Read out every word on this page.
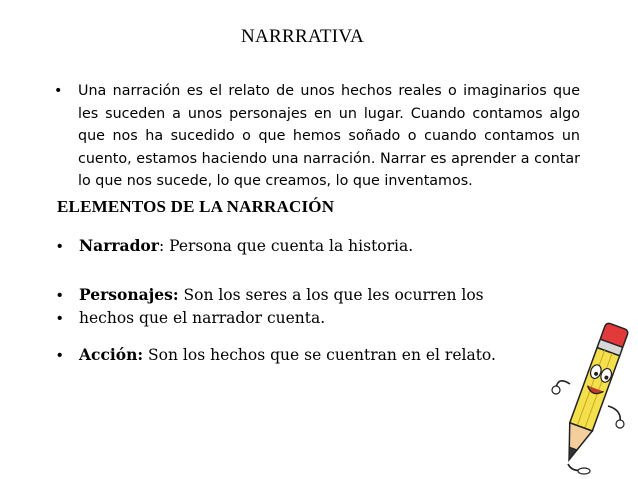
NARRRATIVA
• Una narración es el relato de unos hechos reales o imaginarios que les suceden a unos personajes en un lugar. Cuando contamos algo que nos ha sucedido o que hemos soñado o cuando contamos un cuento, estamos haciendo una narración. Narrar es aprender a contar lo que nos sucede, lo que creamos, lo que inventamos.

ELEMENTOS DE LA NARRACIÓN
• Narrador: Persona que cuenta la historia.
• Personajes: Son los seres a los que les ocurren los
• hechos que el narrador cuenta.
• Acción: Son los hechos que se cuentran en el relato.
